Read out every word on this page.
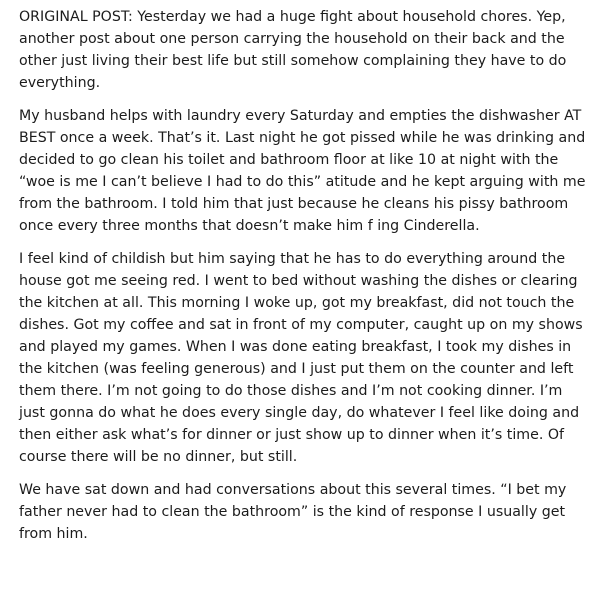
ORIGINAL POST: Yesterday we had a huge fight about household chores. Yep, another post about one person carrying the household on their back and the other just living their best life but still somehow complaining they have to do everything.

My husband helps with laundry every Saturday and empties the dishwasher AT BEST once a week. That’s it. Last night he got pissed while he was drinking and decided to go clean his toilet and bathroom floor at like 10 at night with the “woe is me I can’t believe I had to do this” atitude and he kept arguing with me from the bathroom. I told him that just because he cleans his pissy bathroom once every three months that doesn’t make him f ing Cinderella.

I feel kind of childish but him saying that he has to do everything around the house got me seeing red. I went to bed without washing the dishes or clearing the kitchen at all. This morning I woke up, got my breakfast, did not touch the dishes. Got my coffee and sat in front of my computer, caught up on my shows and played my games. When I was done eating breakfast, I took my dishes in the kitchen (was feeling generous) and I just put them on the counter and left them there. I’m not going to do those dishes and I’m not cooking dinner. I’m just gonna do what he does every single day, do whatever I feel like doing and then either ask what’s for dinner or just show up to dinner when it’s time. Of course there will be no dinner, but still.

We have sat down and had conversations about this several times. “I bet my father never had to clean the bathroom” is the kind of response I usually get from him.
